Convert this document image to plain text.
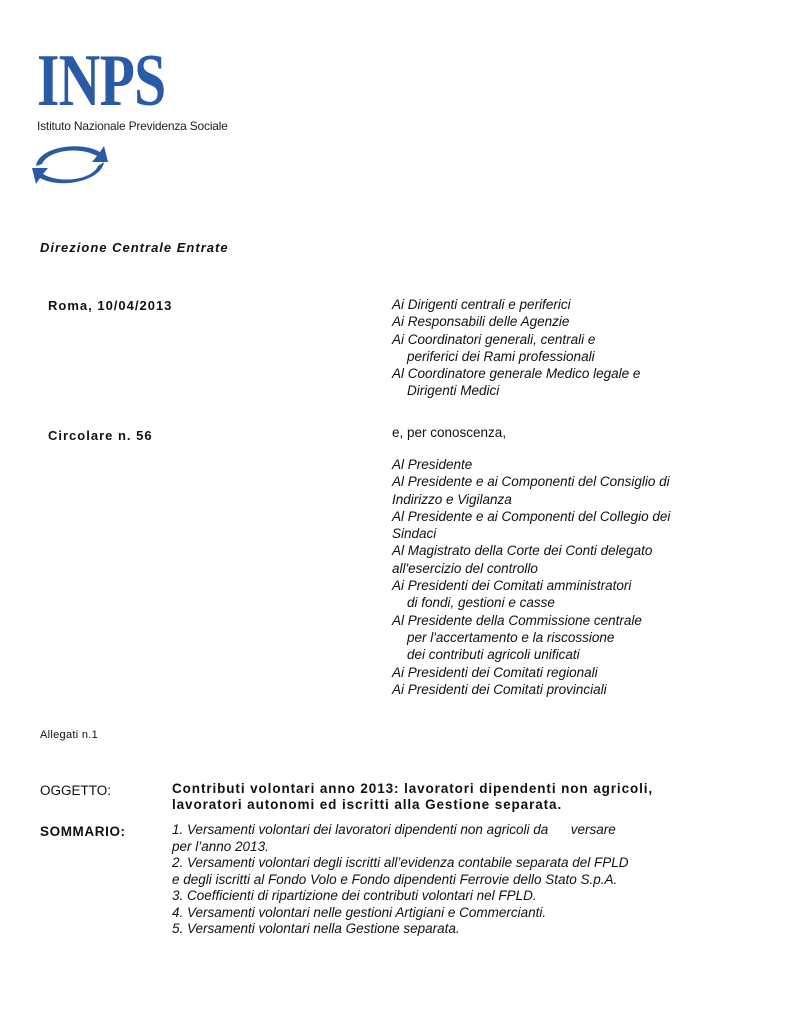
INPS
Istituto Nazionale Previdenza Sociale
Direzione Centrale Entrate
Roma, 10/04/2013
Circolare n. 56
Ai Dirigenti centrali e periferici
Ai Responsabili delle Agenzie
Ai Coordinatori generali, centrali e
periferici dei Rami professionali
Al Coordinatore generale Medico legale e
Dirigenti Medici
e, per conoscenza,
Al Presidente
Al Presidente e ai Componenti del Consiglio di
Indirizzo e Vigilanza
Al Presidente e ai Componenti del Collegio dei
Sindaci
Al Magistrato della Corte dei Conti delegato
all'esercizio del controllo
Ai Presidenti dei Comitati amministratori
di fondi, gestioni e casse
Al Presidente della Commissione centrale
per l'accertamento e la riscossione
dei contributi agricoli unificati
Ai Presidenti dei Comitati regionali
Ai Presidenti dei Comitati provinciali
Allegati n.1
OGGETTO:	Contributi volontari anno 2013: lavoratori dipendenti non agricoli,
lavoratori autonomi ed iscritti alla Gestione separata.
SOMMARIO:	1. Versamenti volontari dei lavoratori dipendenti non agricoli da      versare
per l’anno 2013.
2. Versamenti volontari degli iscritti all’evidenza contabile separata del FPLD
e degli iscritti al Fondo Volo e Fondo dipendenti Ferrovie dello Stato S.p.A.
3. Coefficienti di ripartizione dei contributi volontari nel FPLD.
4. Versamenti volontari nelle gestioni Artigiani e Commercianti.
5. Versamenti volontari nella Gestione separata.
